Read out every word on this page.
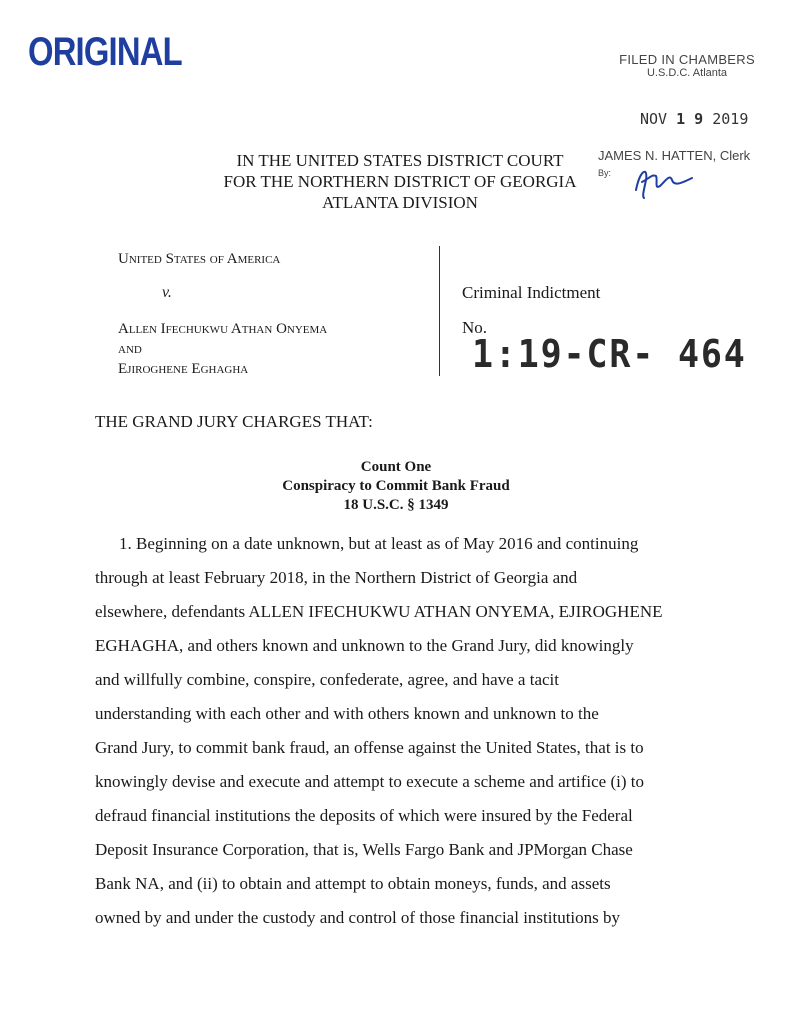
ORIGINAL	FILED IN CHAMBERS
U.S.D.C. Atlanta
NOV 1 9 2019
JAMES N. HATTEN, Clerk
By:
IN THE UNITED STATES DISTRICT COURT
FOR THE NORTHERN DISTRICT OF GEORGIA
ATLANTA DIVISION
United States of America
v.
Allen Ifechukwu Athan Onyema
and
Ejiroghene Eghagha
Criminal Indictment
No.
1:19-CR- 464
THE GRAND JURY CHARGES THAT:
Count One
Conspiracy to Commit Bank Fraud
18 U.S.C. § 1349
1. Beginning on a date unknown, but at least as of May 2016 and continuing
through at least February 2018, in the Northern District of Georgia and
elsewhere, defendants ALLEN IFECHUKWU ATHAN ONYEMA, EJIROGHENE
EGHAGHA, and others known and unknown to the Grand Jury, did knowingly
and willfully combine, conspire, confederate, agree, and have a tacit
understanding with each other and with others known and unknown to the
Grand Jury, to commit bank fraud, an offense against the United States, that is to
knowingly devise and execute and attempt to execute a scheme and artifice (i) to
defraud financial institutions the deposits of which were insured by the Federal
Deposit Insurance Corporation, that is, Wells Fargo Bank and JPMorgan Chase
Bank NA, and (ii) to obtain and attempt to obtain moneys, funds, and assets
owned by and under the custody and control of those financial institutions by
